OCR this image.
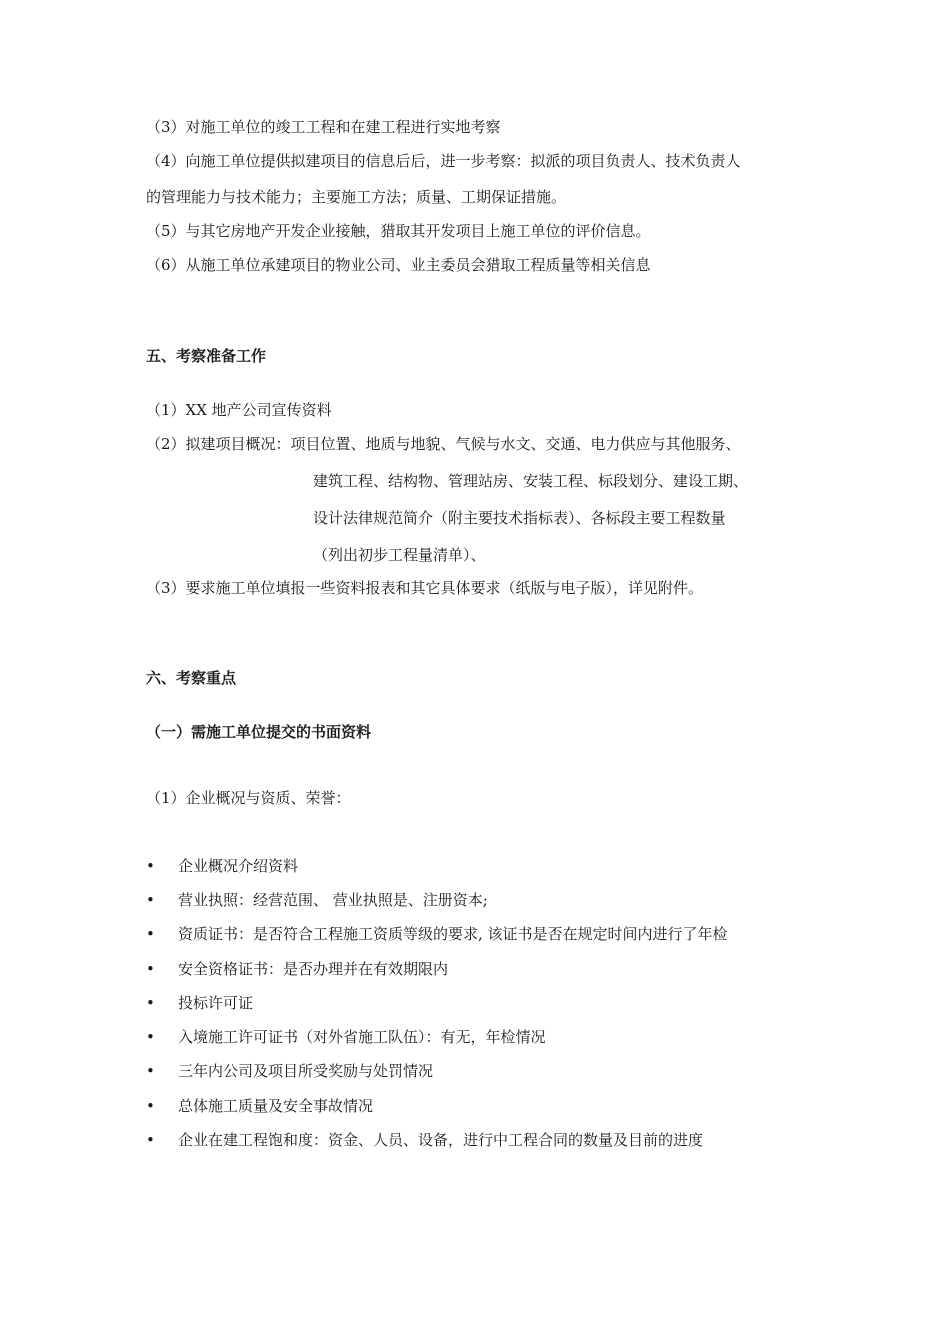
（3）对施工单位的竣工工程和在建工程进行实地考察
（4）向施工单位提供拟建项目的信息后后，进一步考察：拟派的项目负责人、技术负责人
的管理能力与技术能力；主要施工方法；质量、工期保证措施。
（5）与其它房地产开发企业接触，猎取其开发项目上施工单位的评价信息。
（6）从施工单位承建项目的物业公司、业主委员会猎取工程质量等相关信息
五、考察准备工作
（1）XX 地产公司宣传资料
（2）拟建项目概况：项目位置、地质与地貌、气候与水文、交通、电力供应与其他服务、
建筑工程、结构物、管理站房、安装工程、标段划分、建设工期、
设计法律规范简介（附主要技术指标表）、各标段主要工程数量
（列出初步工程量清单）、
（3）要求施工单位填报一些资料报表和其它具体要求（纸版与电子版），详见附件。
六、考察重点
（一）需施工单位提交的书面资料
（1）企业概况与资质、荣誉：
• 企业概况介绍资料
• 营业执照：经营范围、 营业执照是、注册资本;
• 资质证书：是否符合工程施工资质等级的要求, 该证书是否在规定时间内进行了年检
• 安全资格证书：是否办理并在有效期限内
• 投标许可证
• 入境施工许可证书（对外省施工队伍）：有无，年检情况
• 三年内公司及项目所受奖励与处罚情况
• 总体施工质量及安全事故情况
• 企业在建工程饱和度：资金、人员、设备，进行中工程合同的数量及目前的进度
